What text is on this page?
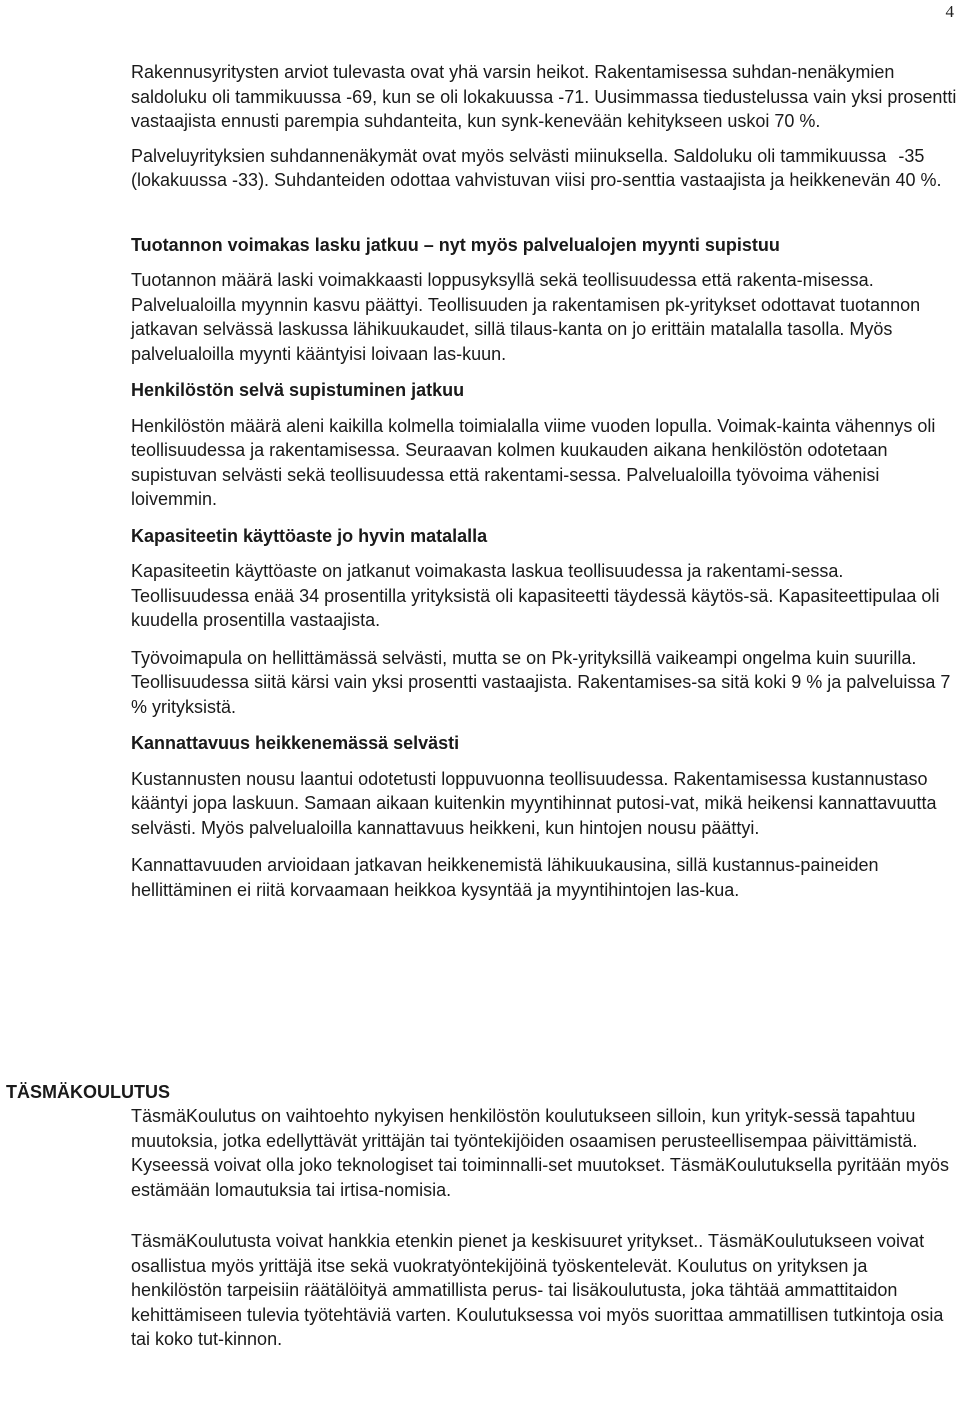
4

Rakennusyritysten arviot tulevasta ovat yhä varsin heikot. Rakentamisessa suhdan-nenäkymien saldoluku oli tammikuussa -69, kun se oli lokakuussa -71. Uusimmassa tiedustelussa vain yksi prosentti vastaajista ennusti parempia suhdanteita, kun synk-kenevään kehitykseen uskoi 70 %.

Palveluyrityksien suhdannenäkymät ovat myös selvästi miinuksella. Saldoluku oli tammikuussa -35 (lokakuussa -33). Suhdanteiden odottaa vahvistuvan viisi pro-senttia vastaajista ja heikkenevän 40 %.

Tuotannon voimakas lasku jatkuu – nyt myös palvelualojen myynti supistuu

Tuotannon määrä laski voimakkaasti loppusyksyllä sekä teollisuudessa että rakenta-misessa. Palvelualoilla myynnin kasvu päättyi. Teollisuuden ja rakentamisen pk-yritykset odottavat tuotannon jatkavan selvässä laskussa lähikuukaudet, sillä tilaus-kanta on jo erittäin matalalla tasolla. Myös palvelualoilla myynti kääntyisi loivaan las-kuun.

Henkilöstön selvä supistuminen jatkuu

Henkilöstön määrä aleni kaikilla kolmella toimialalla viime vuoden lopulla. Voimak-kainta vähennys oli teollisuudessa ja rakentamisessa. Seuraavan kolmen kuukauden aikana henkilöstön odotetaan supistuvan selvästi sekä teollisuudessa että rakentami-sessa. Palvelualoilla työvoima vähenisi loivemmin.

Kapasiteetin käyttöaste jo hyvin matalalla

Kapasiteetin käyttöaste on jatkanut voimakasta laskua teollisuudessa ja rakentami-sessa. Teollisuudessa enää 34 prosentilla yrityksistä oli kapasiteetti täydessä käytös-sä. Kapasiteettipulaa oli kuudella prosentilla vastaajista.

Työvoimapula on hellittämässä selvästi, mutta se on Pk-yrityksillä vaikeampi ongelma kuin suurilla. Teollisuudessa siitä kärsi vain yksi prosentti vastaajista. Rakentamises-sa sitä koki 9 % ja palveluissa 7 % yrityksistä.

Kannattavuus heikkenemässä selvästi

Kustannusten nousu laantui odotetusti loppuvuonna teollisuudessa. Rakentamisessa kustannustaso kääntyi jopa laskuun. Samaan aikaan kuitenkin myyntihinnat putosi-vat, mikä heikensi kannattavuutta selvästi. Myös palvelualoilla kannattavuus heikkeni, kun hintojen nousu päättyi.

Kannattavuuden arvioidaan jatkavan heikkenemistä lähikuukausina, sillä kustannus-paineiden hellittäminen ei riitä korvaamaan heikkoa kysyntää ja myyntihintojen las-kua.

TÄSMÄKOULUTUS

TäsmäKoulutus on vaihtoehto nykyisen henkilöstön koulutukseen silloin, kun yrityk-sessä tapahtuu muutoksia, jotka edellyttävät yrittäjän tai työntekijöiden osaamisen perusteellisempaa päivittämistä. Kyseessä voivat olla joko teknologiset tai toiminnalli-set muutokset. TäsmäKoulutuksella pyritään myös estämään lomautuksia tai irtisa-nomisia.

TäsmäKoulutusta voivat hankkia etenkin pienet ja keskisuuret yritykset.. TäsmäKoulutukseen voivat osallistua myös yrittäjä itse sekä vuokratyöntekijöinä työskentelevät. Koulutus on yrityksen ja henkilöstön tarpeisiin räätälöityä ammatillista perus- tai lisäkoulutusta, joka tähtää ammattitaidon kehittämiseen tulevia työtehtäviä varten. Koulutuksessa voi myös suorittaa ammatillisen tutkintoja osia tai koko tut-kinnon.
